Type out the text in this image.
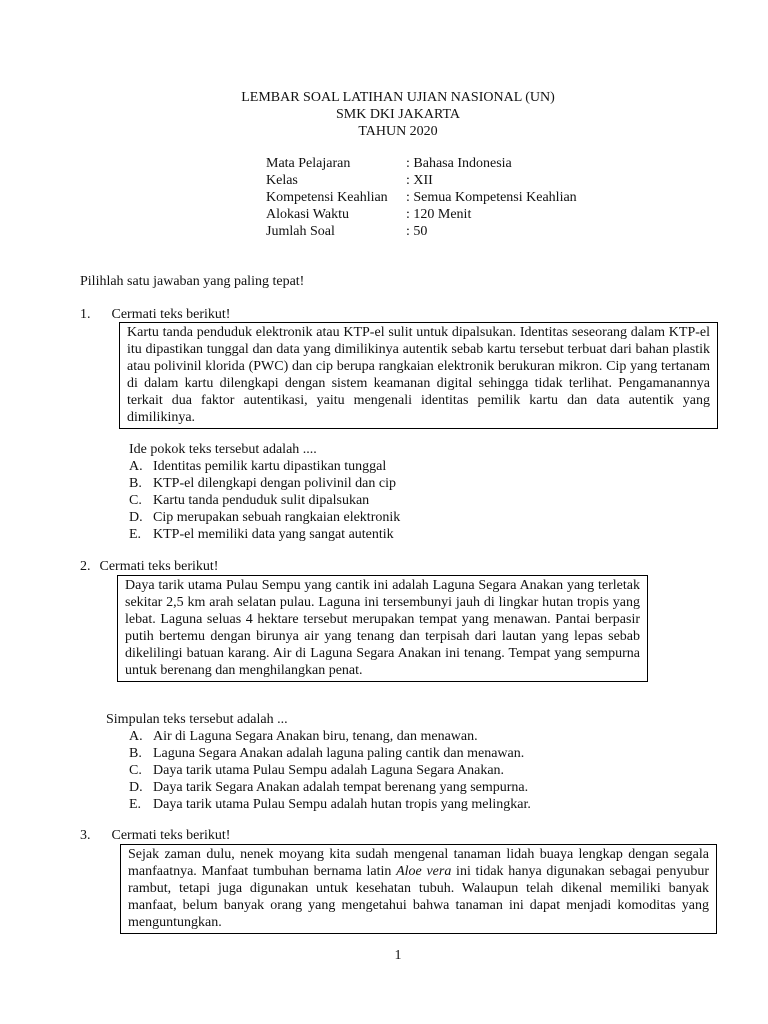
LEMBAR SOAL LATIHAN UJIAN NASIONAL (UN)
SMK DKI JAKARTA
TAHUN 2020
Mata Pelajaran	: Bahasa Indonesia
Kelas	: XII
Kompetensi Keahlian	: Semua Kompetensi Keahlian
Alokasi Waktu	: 120 Menit
Jumlah Soal	: 50
Pilihlah satu jawaban yang paling tepat!
1. Cermati teks berikut!

Kartu tanda penduduk elektronik atau KTP-el sulit untuk dipalsukan. Identitas seseorang dalam KTP-el itu dipastikan tunggal dan data yang dimilikinya autentik sebab kartu tersebut terbuat dari bahan plastik atau polivinil klorida (PWC) dan cip berupa rangkaian elektronik berukuran mikron. Cip yang tertanam di dalam kartu dilengkapi dengan sistem keamanan digital sehingga tidak terlihat. Pengamanannya terkait dua faktor autentikasi, yaitu mengenali identitas pemilik kartu dan data autentik yang dimilikinya.

Ide pokok teks tersebut adalah ....
A. Identitas pemilik kartu dipastikan tunggal
B. KTP-el dilengkapi dengan polivinil dan cip
C. Kartu tanda penduduk sulit dipalsukan
D. Cip merupakan sebuah rangkaian elektronik
E. KTP-el memiliki data yang sangat autentik
2. Cermati teks berikut!

Daya tarik utama Pulau Sempu yang cantik ini adalah Laguna Segara Anakan yang terletak sekitar 2,5 km arah selatan pulau. Laguna ini tersembunyi jauh di lingkar hutan tropis yang lebat. Laguna seluas 4 hektare tersebut merupakan tempat yang menawan. Pantai berpasir putih bertemu dengan birunya air yang tenang dan terpisah dari lautan yang lepas sebab dikelilingi batuan karang. Air di Laguna Segara Anakan ini tenang. Tempat yang sempurna untuk berenang dan menghilangkan penat.

Simpulan teks tersebut adalah ...
A. Air di Laguna Segara Anakan biru, tenang, dan menawan.
B. Laguna Segara Anakan adalah laguna paling cantik dan menawan.
C. Daya tarik utama Pulau Sempu adalah Laguna Segara Anakan.
D. Daya tarik Segara Anakan adalah tempat berenang yang sempurna.
E. Daya tarik utama Pulau Sempu adalah hutan tropis yang melingkar.
3. Cermati teks berikut!

Sejak zaman dulu, nenek moyang kita sudah mengenal tanaman lidah buaya lengkap dengan segala manfaatnya. Manfaat tumbuhan bernama latin Aloe vera ini tidak hanya digunakan sebagai penyubur rambut, tetapi juga digunakan untuk kesehatan tubuh. Walaupun telah dikenal memiliki banyak manfaat, belum banyak orang yang mengetahui bahwa tanaman ini dapat menjadi komoditas yang menguntungkan.

1
